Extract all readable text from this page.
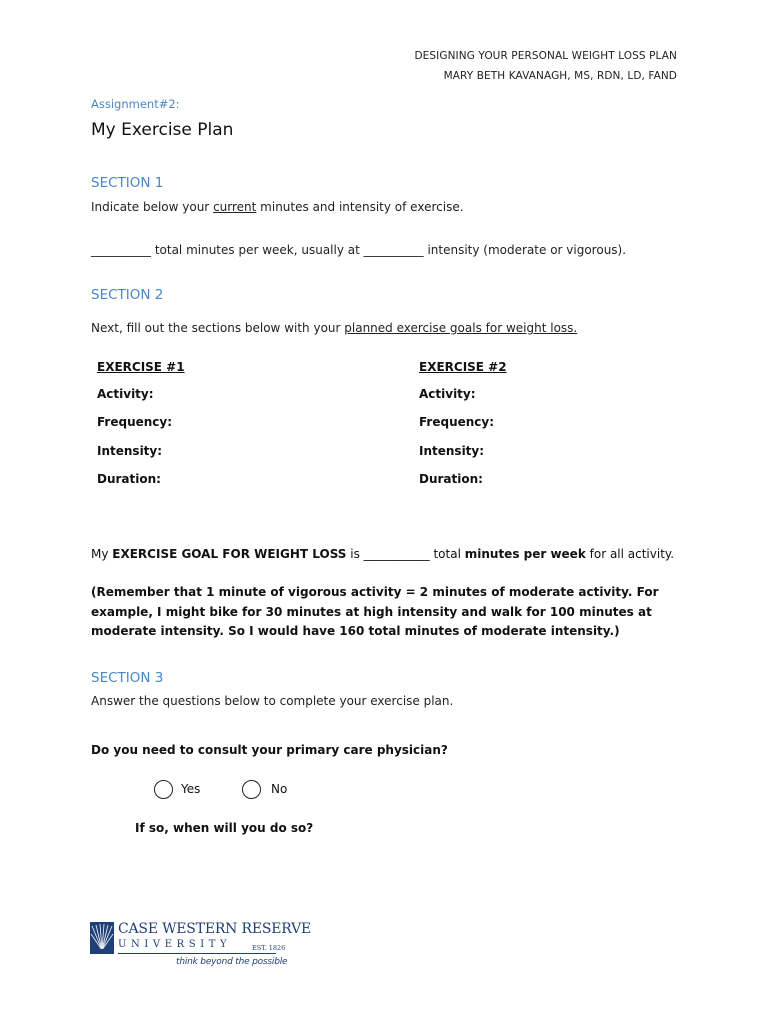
DESIGNING YOUR PERSONAL WEIGHT LOSS PLAN
MARY BETH KAVANAGH, MS, RDN, LD, FAND
Assignment#2:
My Exercise Plan
SECTION 1
Indicate below your current minutes and intensity of exercise.
__________ total minutes per week, usually at __________ intensity (moderate or vigorous).
SECTION 2
Next, fill out the sections below with your planned exercise goals for weight loss.
EXERCISE #1
Activity:
Frequency:
Intensity:
Duration:
EXERCISE #2
Activity:
Frequency:
Intensity:
Duration:
My EXERCISE GOAL FOR WEIGHT LOSS is ___________ total minutes per week for all activity.
(Remember that 1 minute of vigorous activity = 2 minutes of moderate activity. For example, I might bike for 30 minutes at high intensity and walk for 100 minutes at moderate intensity. So I would have 160 total minutes of moderate intensity.)
SECTION 3
Answer the questions below to complete your exercise plan.
Do you need to consult your primary care physician?
Yes	No
If so, when will you do so?
CASE WESTERN RESERVE
UNIVERSITY	EST. 1826
think beyond the possible
